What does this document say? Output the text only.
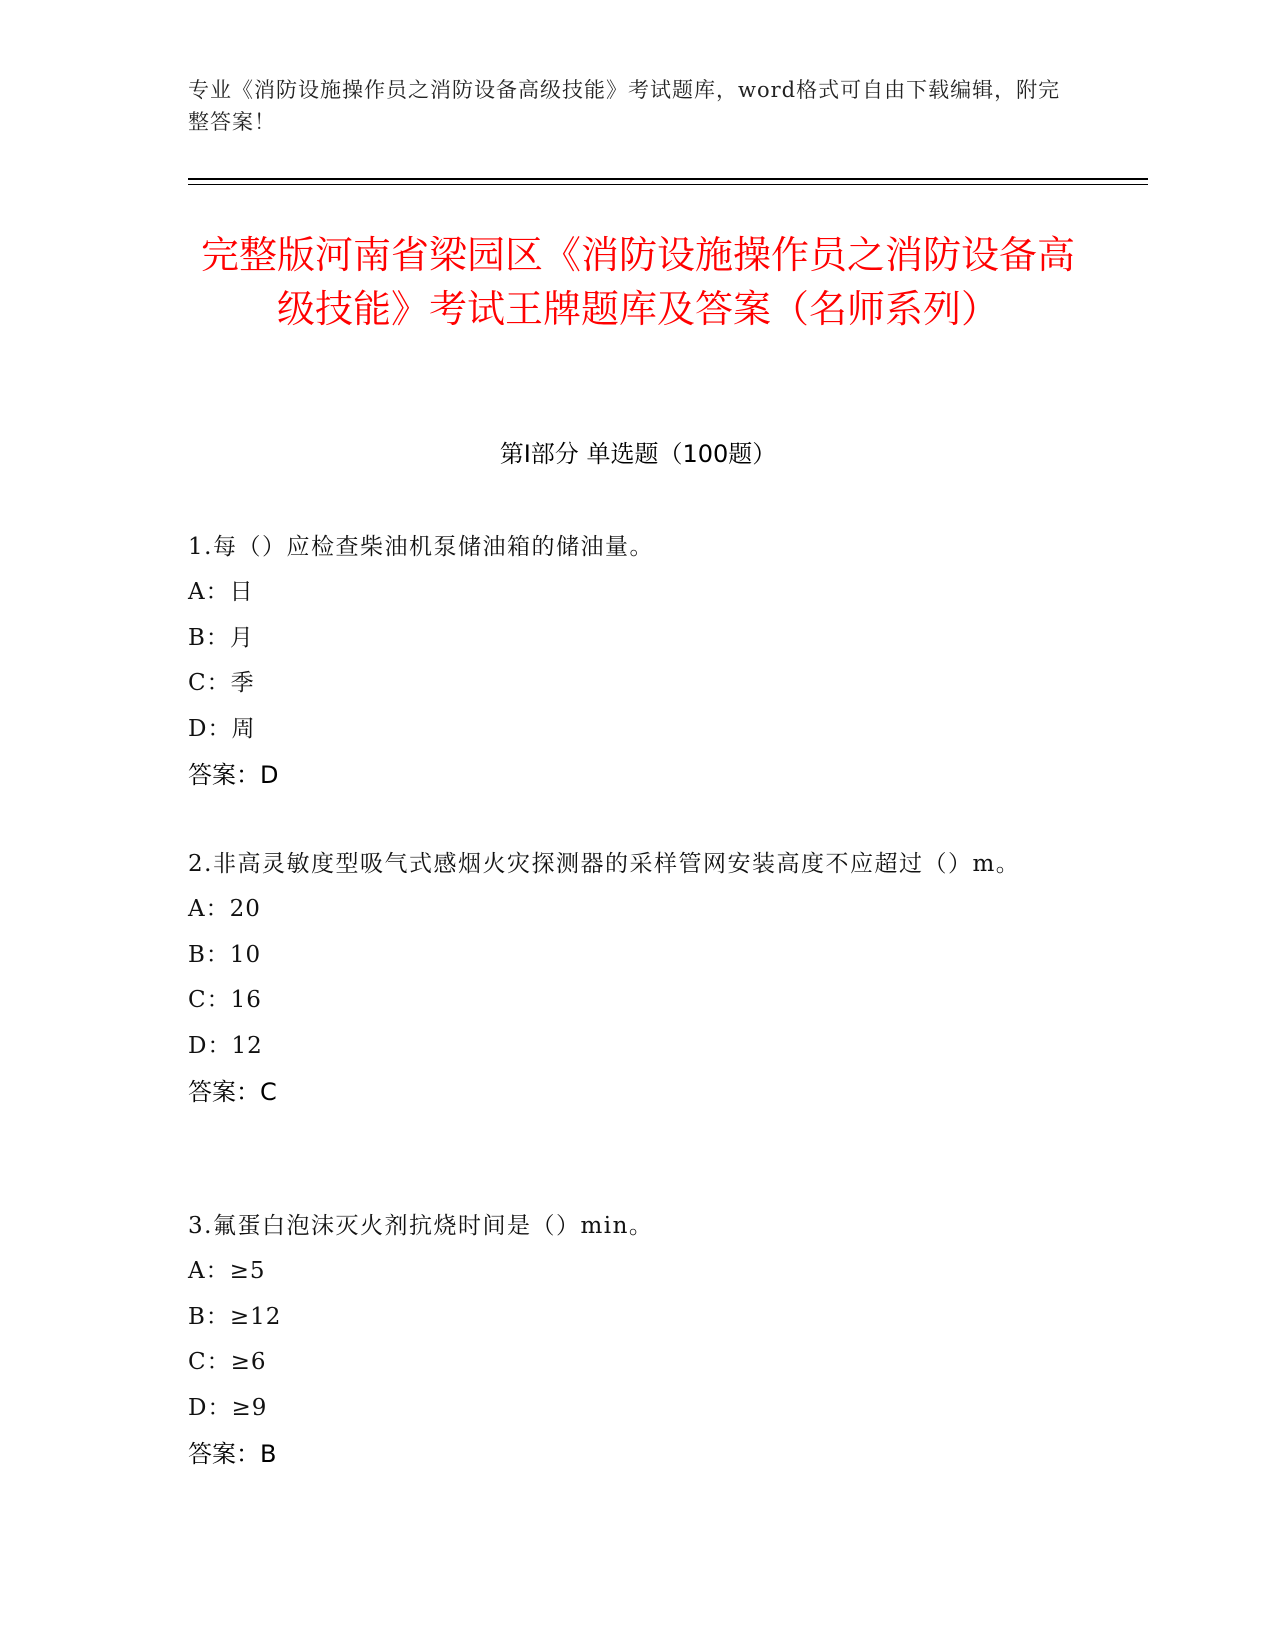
专业《消防设施操作员之消防设备高级技能》考试题库，word格式可自由下载编辑，附完整答案！
完整版河南省梁园区《消防设施操作员之消防设备高级技能》考试王牌题库及答案（名师系列）
第I部分 单选题（100题）
1.每（）应检查柴油机泵储油箱的储油量。
A：日
B：月
C：季
D：周
答案：D
2.非高灵敏度型吸气式感烟火灾探测器的采样管网安装高度不应超过（）m。
A：20
B：10
C：16
D：12
答案：C
3.氟蛋白泡沫灭火剂抗烧时间是（）min。
A：≥5
B：≥12
C：≥6
D：≥9
答案：B
